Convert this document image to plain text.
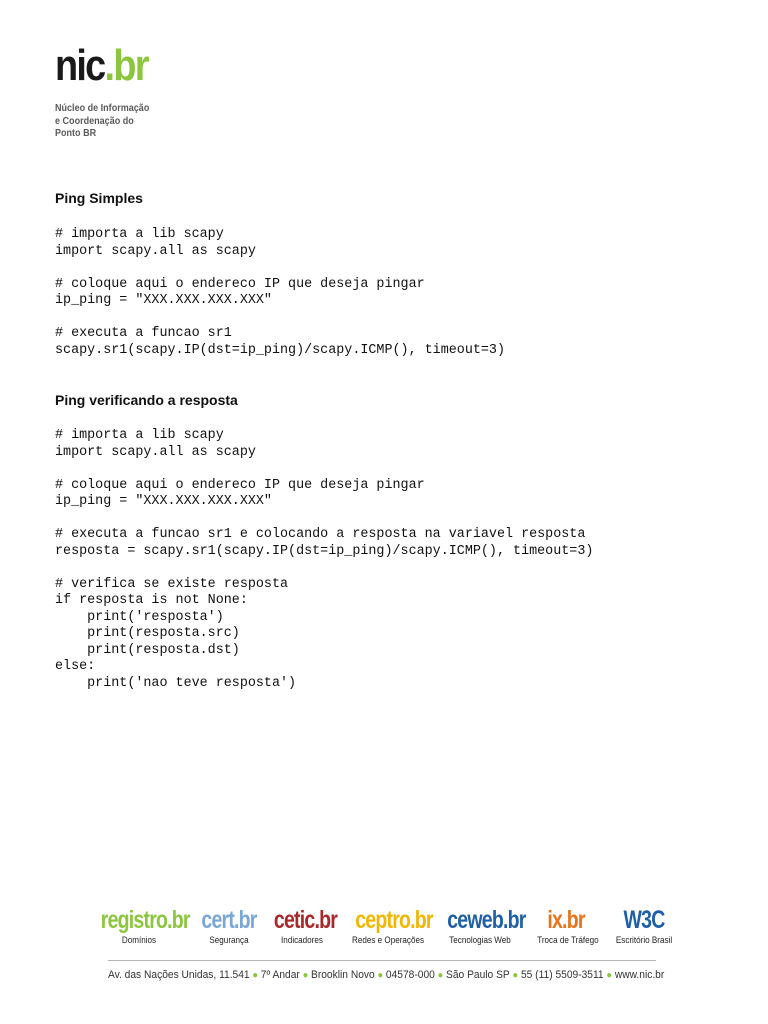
nic.br
Núcleo de Informação
e Coordenação do
Ponto BR
Ping Simples
# importa a lib scapy
import scapy.all as scapy
# coloque aqui o endereco IP que deseja pingar
ip_ping = "XXX.XXX.XXX.XXX"
# executa a funcao sr1
scapy.sr1(scapy.IP(dst=ip_ping)/scapy.ICMP(), timeout=3)
Ping verificando a resposta
# importa a lib scapy
import scapy.all as scapy
# coloque aqui o endereco IP que deseja pingar
ip_ping = "XXX.XXX.XXX.XXX"
# executa a funcao sr1 e colocando a resposta na variavel resposta
resposta = scapy.sr1(scapy.IP(dst=ip_ping)/scapy.ICMP(), timeout=3)
# verifica se existe resposta
if resposta is not None:
print('resposta')
print(resposta.src)
print(resposta.dst)
else:
print('nao teve resposta')
registro.br
Domínios
cert.br
Segurança
cetic.br
Indicadores
ceptro.br
Redes e Operações
ceweb.br
Tecnologias Web
ix.br
Troca de Tráfego
W3C
Escritório Brasil
Av. das Nações Unidas, 11.541 ● 7º Andar ● Brooklin Novo ● 04578-000 ● São Paulo SP ● 55 (11) 5509-3511 ● www.nic.br
